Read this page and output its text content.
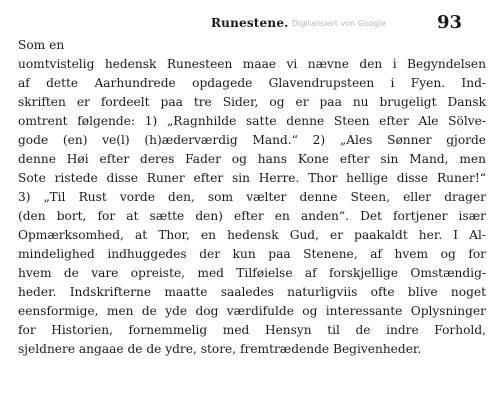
Runestene. Digitalisiert von Google	93
Som en
uomtvistelig hedensk Runesteen maae vi nævne den i Begyndelsen
af dette Aarhundrede opdagede Glavendrupsteen i Fyen. Ind-
skriften er fordeelt paa tre Sider, og er paa nu brugeligt Dansk
omtrent følgende: 1) „Ragnhilde satte denne Steen efter Ale Sölve-
gode (en) ve(l) (h)æderværdig Mand.“ 2) „Ales Sønner gjorde
denne Høi efter deres Fader og hans Kone efter sin Mand, men
Sote ristede disse Runer efter sin Herre. Thor hellige disse Runer!“
3) „Til Rust vorde den, som vælter denne Steen, eller drager
(den bort, for at sætte den) efter en anden“. Det fortjener især
Opmærksomhed, at Thor, en hedensk Gud, er paakaldt her. I Al-
mindelighed indhuggedes der kun paa Stenene, af hvem og for
hvem de vare opreiste, med Tilføielse af forskjellige Omstændig-
heder. Indskrifterne maatte saaledes naturligviis ofte blive noget
eensformige, men de yde dog værdifulde og interessante Oplysninger
for Historien, fornemmelig med Hensyn til de indre Forhold,
sjeldnere angaae de de ydre, store, fremtrædende Begivenheder.
